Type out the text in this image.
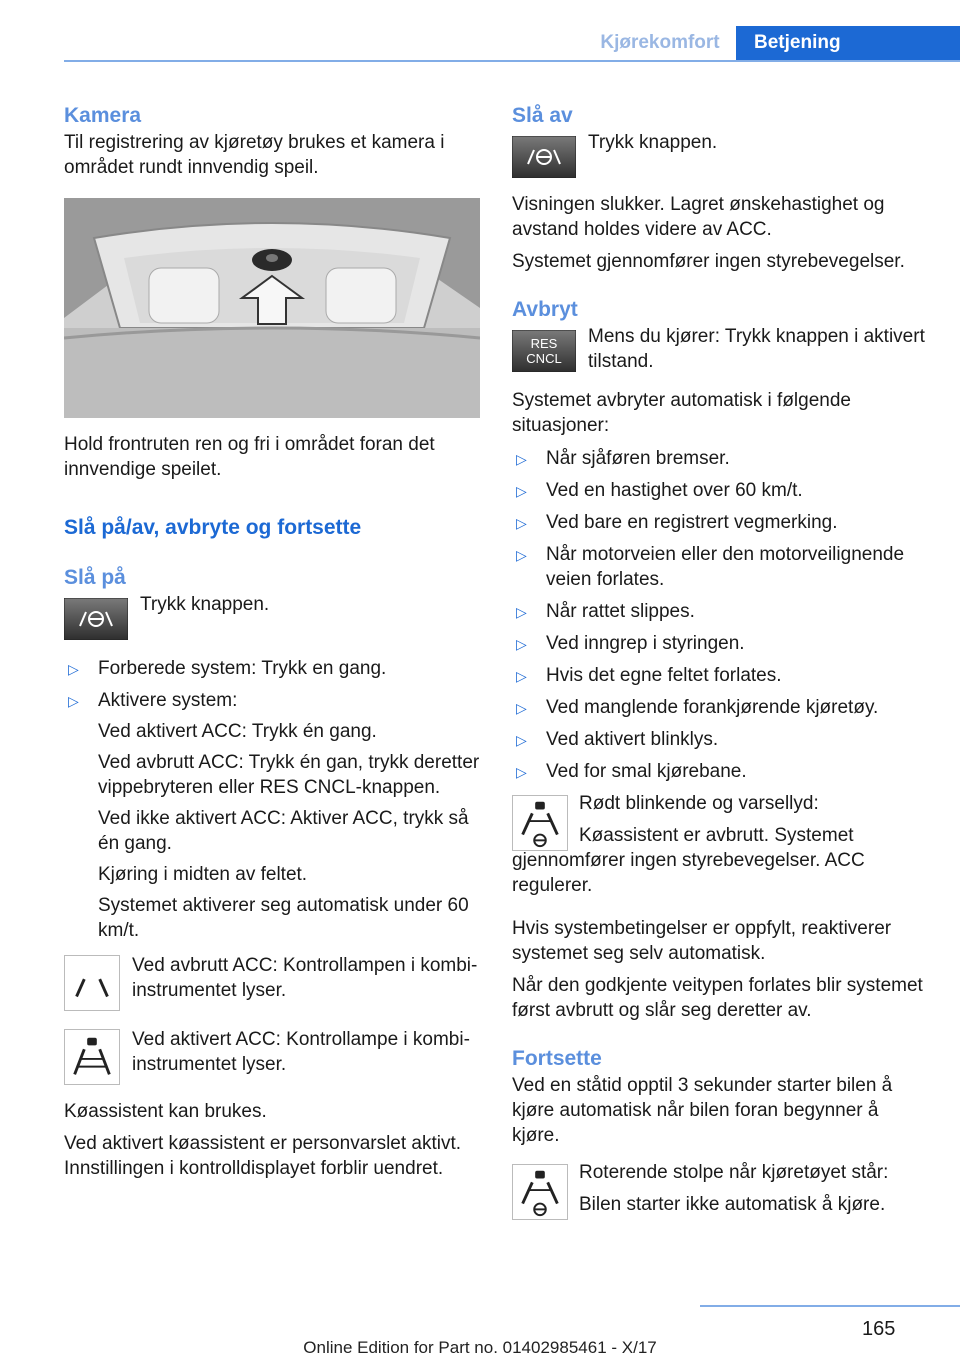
Kjørekomfort	Betjening
Kamera

Til registrering av kjøretøy brukes et kamera i området rundt innvendig speil.

Hold frontruten ren og fri i området foran det innvendige speilet.

Slå på/av, avbryte og fortsette
Slå på

Trykk knappen.

▷ Forberede system: Trykk en gang.
▷ Aktivere system:

Ved aktivert ACC: Trykk én gang.

Ved avbrutt ACC: Trykk én gan, trykk deretter vippebryteren eller RES CNCL-knappen.

Ved ikke aktivert ACC: Aktiver ACC, trykk så én gang.

Kjøring i midten av feltet.

Systemet aktiverer seg automatisk under 60 km/t.

Ved avbrutt ACC: Kontrollampen i kombi-instrumentet lyser.

Ved aktivert ACC: Kontrollampe i kombi-instrumentet lyser.

Køassistent kan brukes.

Ved aktivert køassistent er personvarslet aktivt. Innstillingen i kontrolldisplayet forblir uendret.

Slå av

Trykk knappen.

Visningen slukker. Lagret ønskehastighet og avstand holdes videre av ACC.

Systemet gjennomfører ingen styrebevegelser.

Avbryt
RES
CNCL

Mens du kjører: Trykk knappen i aktivert tilstand.

Systemet avbryter automatisk i følgende situasjoner:

▷ Når sjåføren bremser.
▷ Ved en hastighet over 60 km/t.
▷ Ved bare en registrert vegmerking.
▷ Når motorveien eller den motorveilignende veien forlates.
▷ Når rattet slippes.
▷ Ved inngrep i styringen.
▷ Hvis det egne feltet forlates.
▷ Ved manglende forankjørende kjøretøy.
▷ Ved aktivert blinklys.
▷ Ved for smal kjørebane.

Rødt blinkende og varsellyd:

Køassistent er avbrutt. Systemet gjennomfører ingen styrebevegelser. ACC regulerer.

Hvis systembetingelser er oppfylt, reaktiverer systemet seg selv automatisk.

Når den godkjente veitypen forlates blir systemet først avbrutt og slår seg deretter av.

Fortsette

Ved en ståtid opptil 3 sekunder starter bilen å kjøre automatisk når bilen foran begynner å kjøre.

Roterende stolpe når kjøretøyet står:

Bilen starter ikke automatisk å kjøre.

165
Online Edition for Part no. 01402985461 - X/17
